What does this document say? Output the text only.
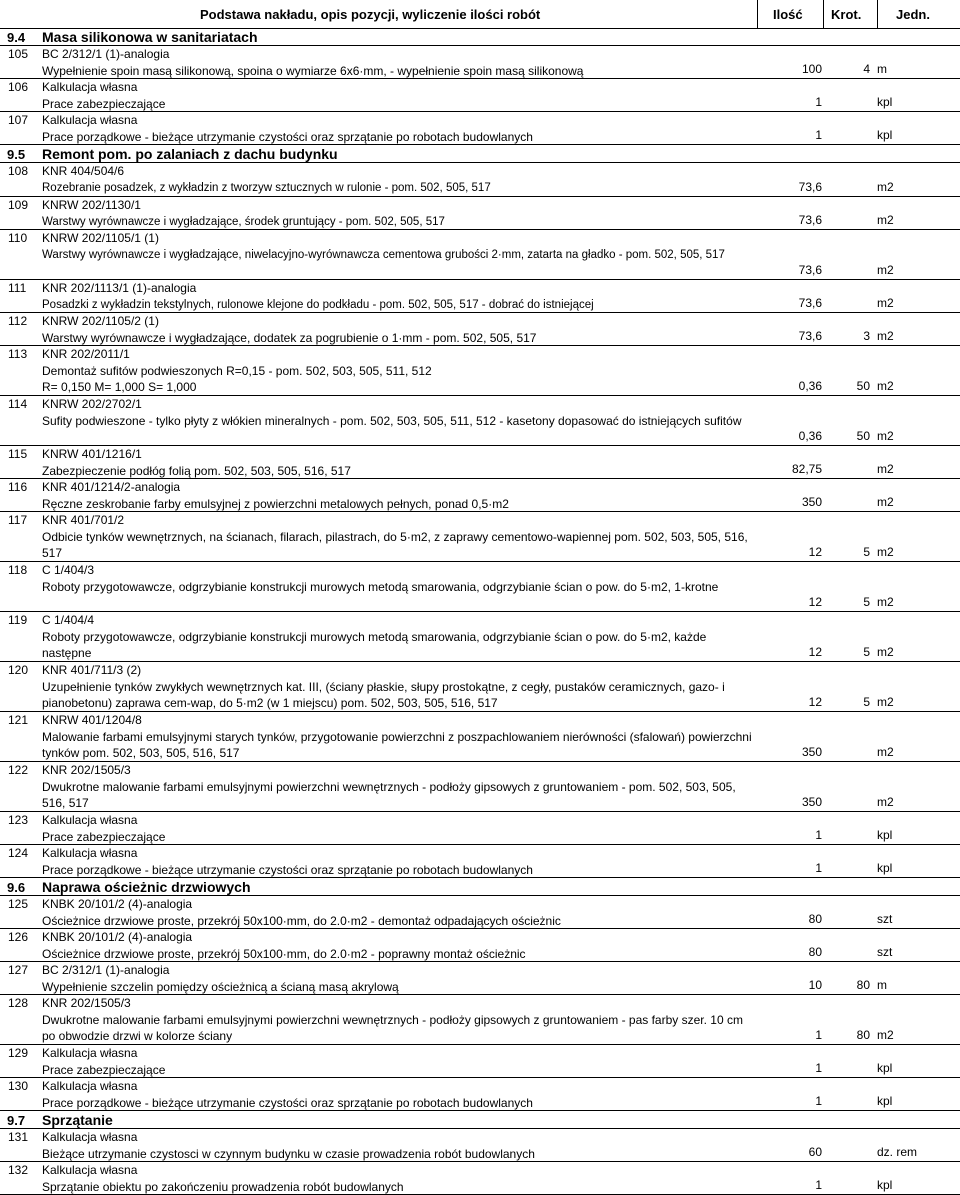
Podstawa nakładu, opis pozycji, wyliczenie ilości robót	Ilość Krot.	Jedn.
9.4 Masa silikonowa w sanitariatach
105 BC 2/312/1 (1)-analogia
Wypełnienie spoin masą silikonową, spoina o wymiarze 6x6·mm, - wypełnienie spoin masą silikonową	100	4 m
106 Kalkulacja własna
Prace zabezpieczające	1	kpl
107 Kalkulacja własna
Prace porządkowe - bieżące utrzymanie czystości oraz sprzątanie po robotach budowlanych	1	kpl
9.5 Remont pom. po zalaniach z dachu budynku
108 KNR 404/504/6
Rozebranie posadzek, z wykładzin z tworzyw sztucznych w rulonie - pom. 502, 505, 517	73,6	m2
109 KNRW 202/1130/1
Warstwy wyrównawcze i wygładzające, środek gruntujący - pom. 502, 505, 517	73,6	m2
110 KNRW 202/1105/1 (1)
Warstwy wyrównawcze i wygładzające, niwelacyjno-wyrównawcza cementowa grubości 2·mm, zatarta na gładko - pom. 502, 505, 517
73,6	m2
111 KNR 202/1113/1 (1)-analogia
Posadzki z wykładzin tekstylnych, rulonowe klejone do podkładu - pom. 502, 505, 517 - dobrać do istniejącej	73,6	m2
112 KNRW 202/1105/2 (1)
Warstwy wyrównawcze i wygładzające, dodatek za pogrubienie o 1·mm - pom. 502, 505, 517	73,6	3 m2
113 KNR 202/2011/1
Demontaż sufitów podwieszonych R=0,15 - pom. 502, 503, 505, 511, 512
R= 0,150 M= 1,000 S= 1,000	0,36	50 m2
114 KNRW 202/2702/1
Sufity podwieszone - tylko płyty z włókien mineralnych - pom. 502, 503, 505, 511, 512 - kasetony dopasować do istniejących sufitów
0,36	50 m2
115 KNRW 401/1216/1
Zabezpieczenie podłóg folią pom. 502, 503, 505, 516, 517	82,75	m2
116 KNR 401/1214/2-analogia
Ręczne zeskrobanie farby emulsyjnej z powierzchni metalowych pełnych, ponad 0,5·m2	350	m2
117 KNR 401/701/2
Odbicie tynków wewnętrznych, na ścianach, filarach, pilastrach, do 5·m2, z zaprawy cementowo-wapiennej pom. 502, 503, 505, 516, 517	12	5 m2
118 C 1/404/3
Roboty przygotowawcze, odgrzybianie konstrukcji murowych metodą smarowania, odgrzybianie ścian o pow. do 5·m2, 1-krotne
12	5 m2
119 C 1/404/4
Roboty przygotowawcze, odgrzybianie konstrukcji murowych metodą smarowania, odgrzybianie ścian o pow. do 5·m2, każde następne	12	5 m2
120 KNR 401/711/3 (2)
Uzupełnienie tynków zwykłych wewnętrznych kat. III, (ściany płaskie, słupy prostokątne, z cegły, pustaków ceramicznych, gazo- i pianobetonu) zaprawa cem-wap, do 5·m2 (w 1 miejscu) pom. 502, 503, 505, 516, 517	12	5 m2
121 KNRW 401/1204/8
Malowanie farbami emulsyjnymi starych tynków, przygotowanie powierzchni z poszpachlowaniem nierówności (sfalowań) powierzchni tynków pom. 502, 503, 505, 516, 517	350	m2
122 KNR 202/1505/3
Dwukrotne malowanie farbami emulsyjnymi powierzchni wewnętrznych - podłoży gipsowych z gruntowaniem - pom. 502, 503, 505, 516, 517	350	m2
123 Kalkulacja własna
Prace zabezpieczające	1	kpl
124 Kalkulacja własna
Prace porządkowe - bieżące utrzymanie czystości oraz sprzątanie po robotach budowlanych	1	kpl
9.6 Naprawa ościeżnic drzwiowych
125 KNBK 20/101/2 (4)-analogia
Ościeżnice drzwiowe proste, przekrój 50x100·mm, do 2.0·m2 - demontaż odpadających ościeżnic	80	szt
126 KNBK 20/101/2 (4)-analogia
Ościeżnice drzwiowe proste, przekrój 50x100·mm, do 2.0·m2 - poprawny montaż ościeżnic	80	szt
127 BC 2/312/1 (1)-analogia
Wypełnienie szczelin pomiędzy ościeżnicą a ścianą masą akrylową	10	80 m
128 KNR 202/1505/3
Dwukrotne malowanie farbami emulsyjnymi powierzchni wewnętrznych - podłoży gipsowych z gruntowaniem - pas farby szer. 10 cm po obwodzie drzwi w kolorze ściany	1	80 m2
129 Kalkulacja własna
Prace zabezpieczające	1	kpl
130 Kalkulacja własna
Prace porządkowe - bieżące utrzymanie czystości oraz sprzątanie po robotach budowlanych	1	kpl
9.7 Sprzątanie
131 Kalkulacja własna
Bieżące utrzymanie czystosci w czynnym budynku w czasie prowadzenia robót budowlanych	60	dz. rem
132 Kalkulacja własna
Sprzątanie obiektu po zakończeniu prowadzenia robót budowlanych	1	kpl
